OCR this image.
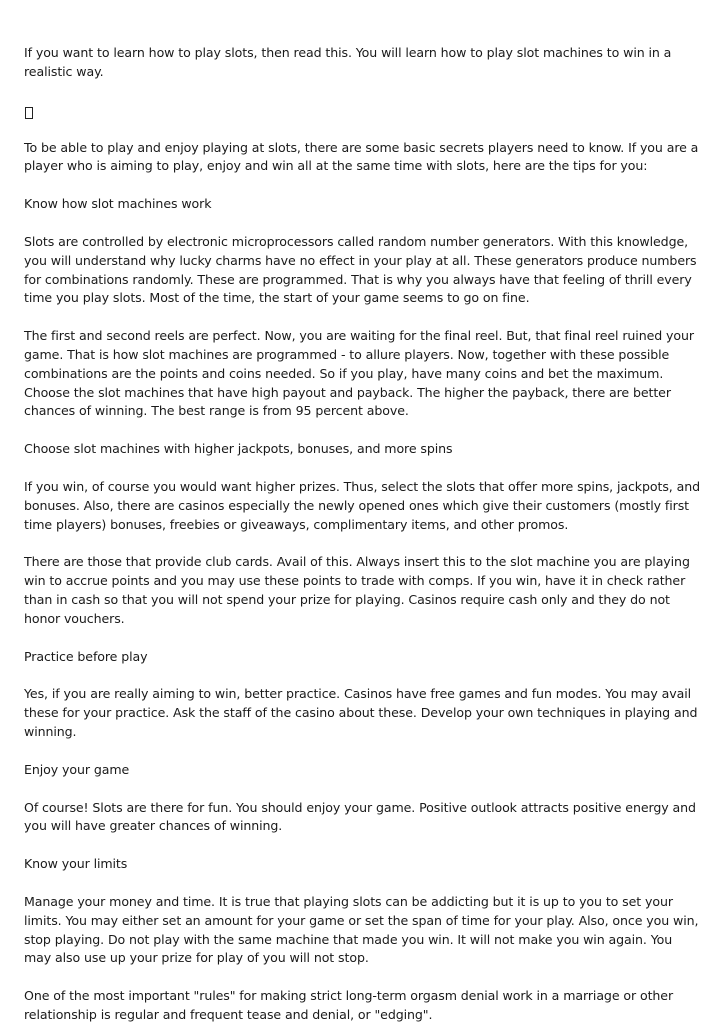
If you want to learn how to play slots, then read this. You will learn how to play slot machines to win in a realistic way.

To be able to play and enjoy playing at slots, there are some basic secrets players need to know. If you are a player who is aiming to play, enjoy and win all at the same time with slots, here are the tips for you:

Know how slot machines work

Slots are controlled by electronic microprocessors called random number generators. With this knowledge, you will understand why lucky charms have no effect in your play at all. These generators produce numbers for combinations randomly. These are programmed. That is why you always have that feeling of thrill every time you play slots. Most of the time, the start of your game seems to go on fine.

The first and second reels are perfect. Now, you are waiting for the final reel. But, that final reel ruined your game. That is how slot machines are programmed - to allure players. Now, together with these possible combinations are the points and coins needed. So if you play, have many coins and bet the maximum. Choose the slot machines that have high payout and payback. The higher the payback, there are better chances of winning. The best range is from 95 percent above.

Choose slot machines with higher jackpots, bonuses, and more spins

If you win, of course you would want higher prizes. Thus, select the slots that offer more spins, jackpots, and bonuses. Also, there are casinos especially the newly opened ones which give their customers (mostly first time players) bonuses, freebies or giveaways, complimentary items, and other promos.

There are those that provide club cards. Avail of this. Always insert this to the slot machine you are playing win to accrue points and you may use these points to trade with comps. If you win, have it in check rather than in cash so that you will not spend your prize for playing. Casinos require cash only and they do not honor vouchers.

Practice before play

Yes, if you are really aiming to win, better practice. Casinos have free games and fun modes. You may avail these for your practice. Ask the staff of the casino about these. Develop your own techniques in playing and winning.

Enjoy your game

Of course! Slots are there for fun. You should enjoy your game. Positive outlook attracts positive energy and you will have greater chances of winning.

Know your limits

Manage your money and time. It is true that playing slots can be addicting but it is up to you to set your limits. You may either set an amount for your game or set the span of time for your play. Also, once you win, stop playing. Do not play with the same machine that made you win. It will not make you win again. You may also use up your prize for play of you will not stop.

One of the most important "rules" for making strict long-term orgasm denial work in a marriage or other relationship is regular and frequent tease and denial, or "edging".
